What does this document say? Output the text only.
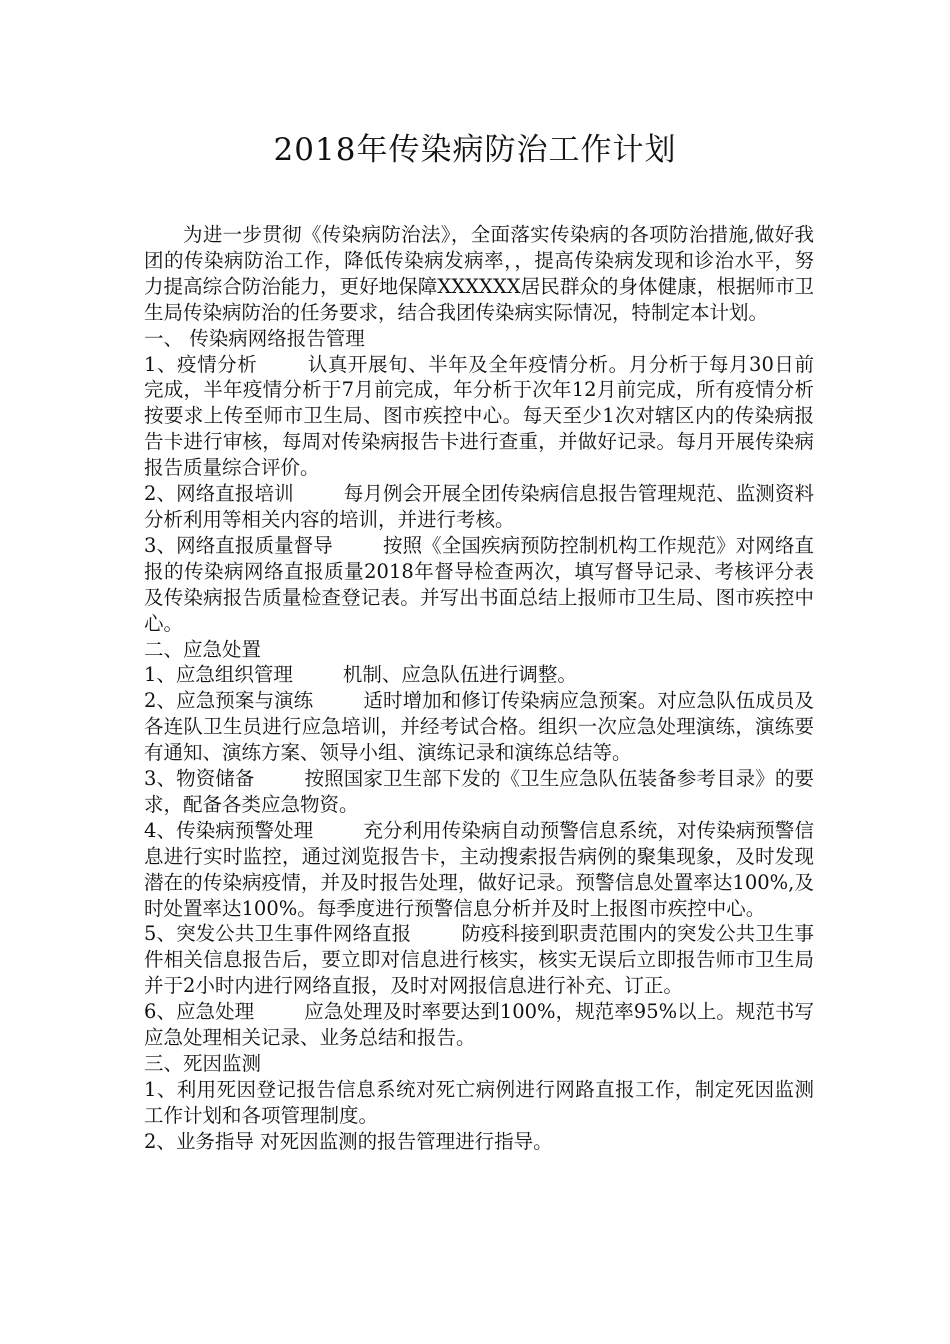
2018年传染病防治工作计划

为进一步贯彻《传染病防治法》，全面落实传染病的各项防治措施,做好我团的传染病防治工作，降低传染病发病率，，提高传染病发现和诊治水平，努力提高综合防治能力，更好地保障XXXXXX居民群众的身体健康，根据师市卫生局传染病防治的任务要求，结合我团传染病实际情况，特制定本计划。

一、 传染病网络报告管理

1、疫情分析	认真开展旬、半年及全年疫情分析。月分析于每月30日前完成，半年疫情分析于7月前完成，年分析于次年12月前完成，所有疫情分析按要求上传至师市卫生局、图市疾控中心。每天至少1次对辖区内的传染病报告卡进行审核，每周对传染病报告卡进行查重，并做好记录。每月开展传染病报告质量综合评价。

2、网络直报培训	每月例会开展全团传染病信息报告管理规范、监测资料分析利用等相关内容的培训，并进行考核。

3、网络直报质量督导	按照《全国疾病预防控制机构工作规范》对网络直报的传染病网络直报质量2018年督导检查两次，填写督导记录、考核评分表及传染病报告质量检查登记表。并写出书面总结上报师市卫生局、图市疾控中心。

二、应急处置

1、应急组织管理	机制、应急队伍进行调整。

2、应急预案与演练	适时增加和修订传染病应急预案。对应急队伍成员及各连队卫生员进行应急培训，并经考试合格。组织一次应急处理演练，演练要有通知、演练方案、领导小组、演练记录和演练总结等。

3、物资储备	按照国家卫生部下发的《卫生应急队伍装备参考目录》的要求，配备各类应急物资。

4、传染病预警处理	充分利用传染病自动预警信息系统，对传染病预警信息进行实时监控，通过浏览报告卡，主动搜索报告病例的聚集现象，及时发现潜在的传染病疫情，并及时报告处理，做好记录。预警信息处置率达100%,及时处置率达100%。每季度进行预警信息分析并及时上报图市疾控中心。

5、突发公共卫生事件网络直报	防疫科接到职责范围内的突发公共卫生事件相关信息报告后，要立即对信息进行核实，核实无误后立即报告师市卫生局并于2小时内进行网络直报，及时对网报信息进行补充、订正。

6、应急处理	应急处理及时率要达到100%，规范率95%以上。规范书写应急处理相关记录、业务总结和报告。

三、死因监测

1、利用死因登记报告信息系统对死亡病例进行网路直报工作，制定死因监测工作计划和各项管理制度。

2、业务指导 对死因监测的报告管理进行指导。
